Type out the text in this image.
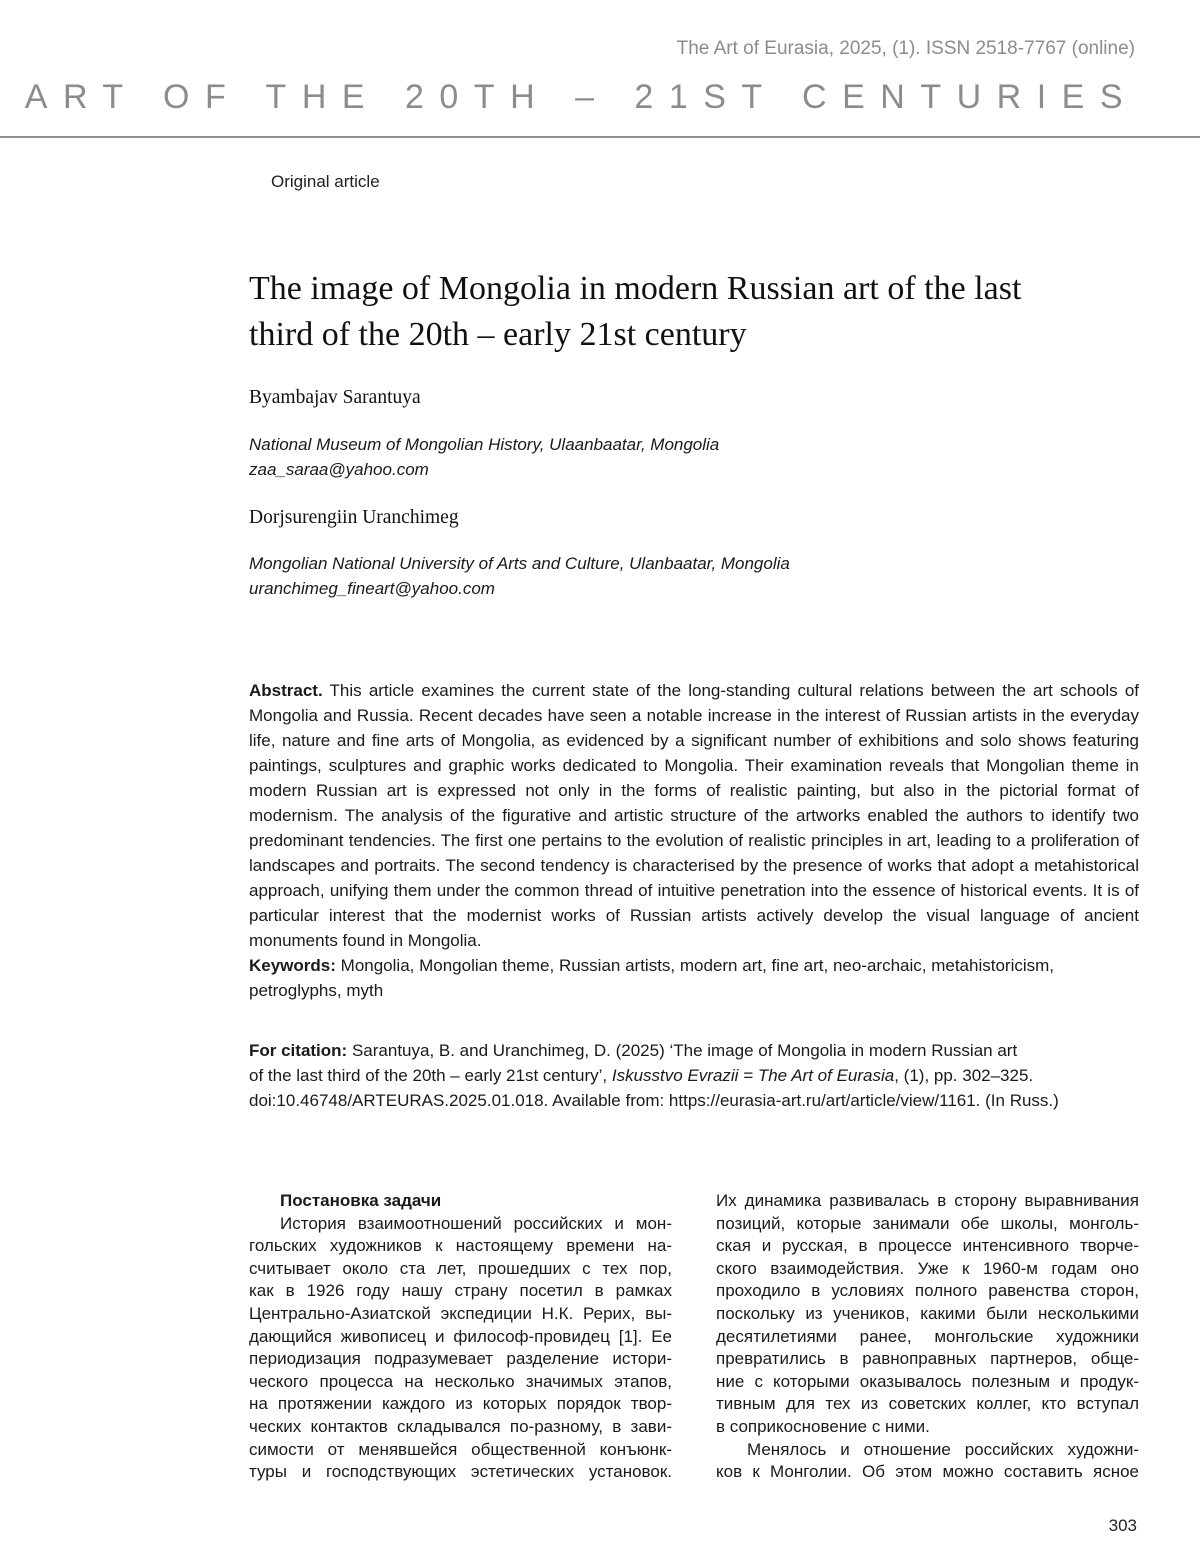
The Art of Eurasia, 2025, (1). ISSN 2518-7767 (online)
ART OF THE 20TH – 21ST CENTURIES
Original article
The image of Mongolia in modern Russian art of the last
third of the 20th – early 21st century
Byambajav Sarantuya
National Museum of Mongolian History, Ulaanbaatar, Mongolia
zaa_saraa@yahoo.com
Dorjsurengiin Uranchimeg
Mongolian National University of Arts and Culture, Ulanbaatar, Mongolia
uranchimeg_fineart@yahoo.com

Abstract. This article examines the current state of the long-standing cultural relations between the art schools of Mongolia and Russia. Recent decades have seen a notable increase in the interest of Russian artists in the everyday life, nature and fine arts of Mongolia, as evidenced by a significant number of exhibitions and solo shows featuring paintings, sculptures and graphic works dedicated to Mongolia. Their examination reveals that Mongolian theme in modern Russian art is expressed not only in the forms of realistic painting, but also in the pictorial format of modernism. The analysis of the figurative and artistic structure of the artworks enabled the authors to identify two predominant tendencies. The first one pertains to the evolution of realistic principles in art, leading to a proliferation of landscapes and portraits. The second tendency is characterised by the presence of works that adopt a metahistorical approach, unifying them under the common thread of intuitive penetration into the essence of historical events. It is of particular interest that the modernist works of Russian artists actively develop the visual language of ancient monuments found in Mongolia.

Keywords: Mongolia, Mongolian theme, Russian artists, modern art, fine art, neo-archaic, metahistoricism, petroglyphs, myth

For citation: Sarantuya, B. and Uranchimeg, D. (2025) ‘The image of Mongolia in modern Russian art
of the last third of the 20th – early 21st century’, Iskusstvo Evrazii = The Art of Eurasia, (1), pp. 302–325.
doi:10.46748/ARTEURAS.2025.01.018. Available from: https://eurasia-art.ru/art/article/view/1161. (In Russ.)
Постановка задачи
История взаимоотношений российских и мон-
гольских художников к настоящему времени на-
считывает около ста лет, прошедших с тех пор,
как в 1926 году нашу страну посетил в рамках
Центрально-Азиатской экспедиции Н.К. Рерих, вы-
дающийся живописец и философ-провидец [1]. Ее
периодизация подразумевает разделение истори-
ческого процесса на несколько значимых этапов,
на протяжении каждого из которых порядок твор-
ческих контактов складывался по-разному, в зави-
симости от менявшейся общественной конъюнк-
туры и господствующих эстетических установок.
Их динамика развивалась в сторону выравнивания
позиций, которые занимали обе школы, монголь-
ская и русская, в процессе интенсивного творче-
ского взаимодействия. Уже к 1960-м годам оно
проходило в условиях полного равенства сторон,
поскольку из учеников, какими были несколькими
десятилетиями ранее, монгольские художники
превратились в равноправных партнеров, обще-
ние с которыми оказывалось полезным и продук-
тивным для тех из советских коллег, кто вступал
в соприкосновение с ними.
Менялось и отношение российских художни-
ков к Монголии. Об этом можно составить ясное
303
